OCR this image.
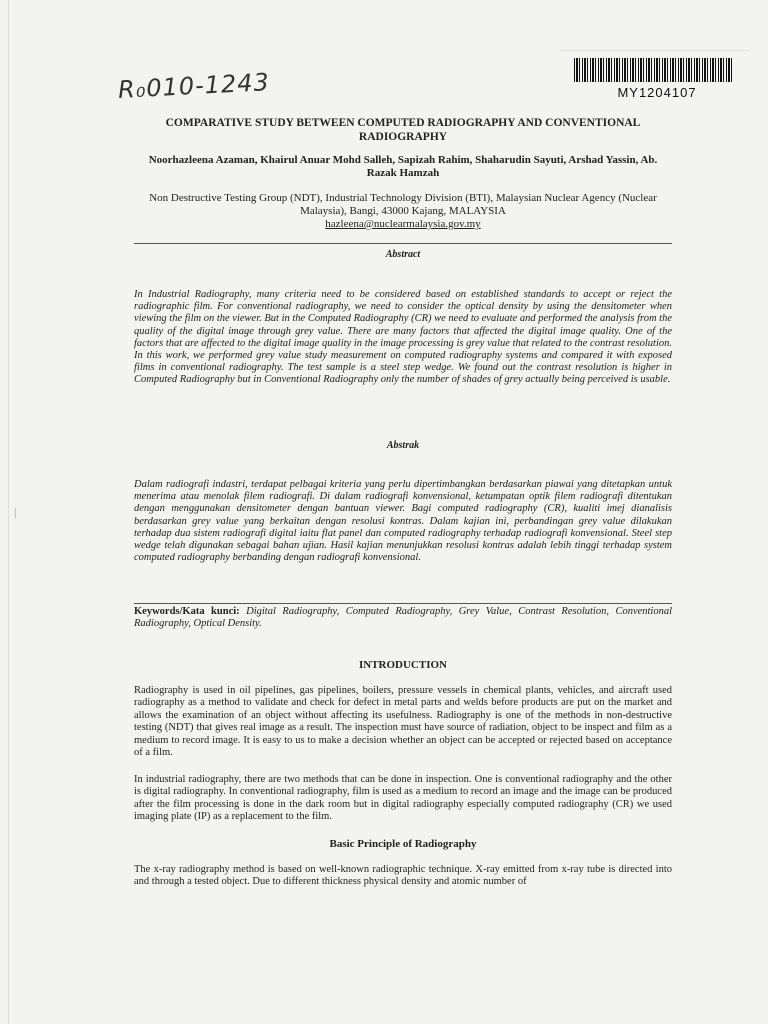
R₀010-1243	MY1204107
COMPARATIVE STUDY BETWEEN COMPUTED RADIOGRAPHY AND CONVENTIONAL RADIOGRAPHY
Noorhazleena Azaman, Khairul Anuar Mohd Salleh, Sapizah Rahim, Shaharudin Sayuti, Arshad Yassin, Ab. Razak Hamzah
Non Destructive Testing Group (NDT), Industrial Technology Division (BTI), Malaysian Nuclear Agency (Nuclear Malaysia), Bangi, 43000 Kajang, MALAYSIA
hazleena@nuclearmalaysia.gov.my
Abstract
In Industrial Radiography, many criteria need to be considered based on established standards to accept or reject the radiographic film. For conventional radiography, we need to consider the optical density by using the densitometer when viewing the film on the viewer. But in the Computed Radiography (CR) we need to evaluate and performed the analysis from the quality of the digital image through grey value. There are many factors that affected the digital image quality. One of the factors that are affected to the digital image quality in the image processing is grey value that related to the contrast resolution. In this work, we performed grey value study measurement on computed radiography systems and compared it with exposed films in conventional radiography. The test sample is a steel step wedge. We found out the contrast resolution is higher in Computed Radiography but in Conventional Radiography only the number of shades of grey actually being perceived is usable.
Abstrak
Dalam radiografi indastri, terdapat pelbagai kriteria yang perlu dipertimbangkan berdasarkan piawai yang ditetapkan untuk menerima atau menolak filem radiografi. Di dalam radiografi konvensional, ketumpatan optik filem radiografi ditentukan dengan menggunakan densitometer dengan bantuan viewer. Bagi computed radiography (CR), kualiti imej dianalisis berdasarkan grey value yang berkaitan dengan resolusi kontras. Dalam kajian ini, perbandingan grey value dilakukan terhadap dua sistem radiografi digital iaitu flat panel dan computed radiography terhadap radiografi konvensional. Steel step wedge telah digunakan sebagai bahan ujian. Hasil kajian menunjukkan resolusi kontras adalah lebih tinggi terhadap system computed radiography berbanding dengan radiografi konvensional.
Keywords/Kata kunci: Digital Radiography, Computed Radiography, Grey Value, Contrast Resolution, Conventional Radiography, Optical Density.
INTRODUCTION
Radiography is used in oil pipelines, gas pipelines, boilers, pressure vessels in chemical plants, vehicles, and aircraft used radiography as a method to validate and check for defect in metal parts and welds before products are put on the market and allows the examination of an object without affecting its usefulness. Radiography is one of the methods in non-destructive testing (NDT) that gives real image as a result. The inspection must have source of radiation, object to be inspect and film as a medium to record image. It is easy to us to make a decision whether an object can be accepted or rejected based on acceptance of a film.
In industrial radiography, there are two methods that can be done in inspection. One is conventional radiography and the other is digital radiography. In conventional radiography, film is used as a medium to record an image and the image can be produced after the film processing is done in the dark room but in digital radiography especially computed radiography (CR) we used imaging plate (IP) as a replacement to the film.
Basic Principle of Radiography
The x-ray radiography method is based on well-known radiographic technique. X-ray emitted from x-ray tube is directed into and through a tested object. Due to different thickness physical density and atomic number of
|
